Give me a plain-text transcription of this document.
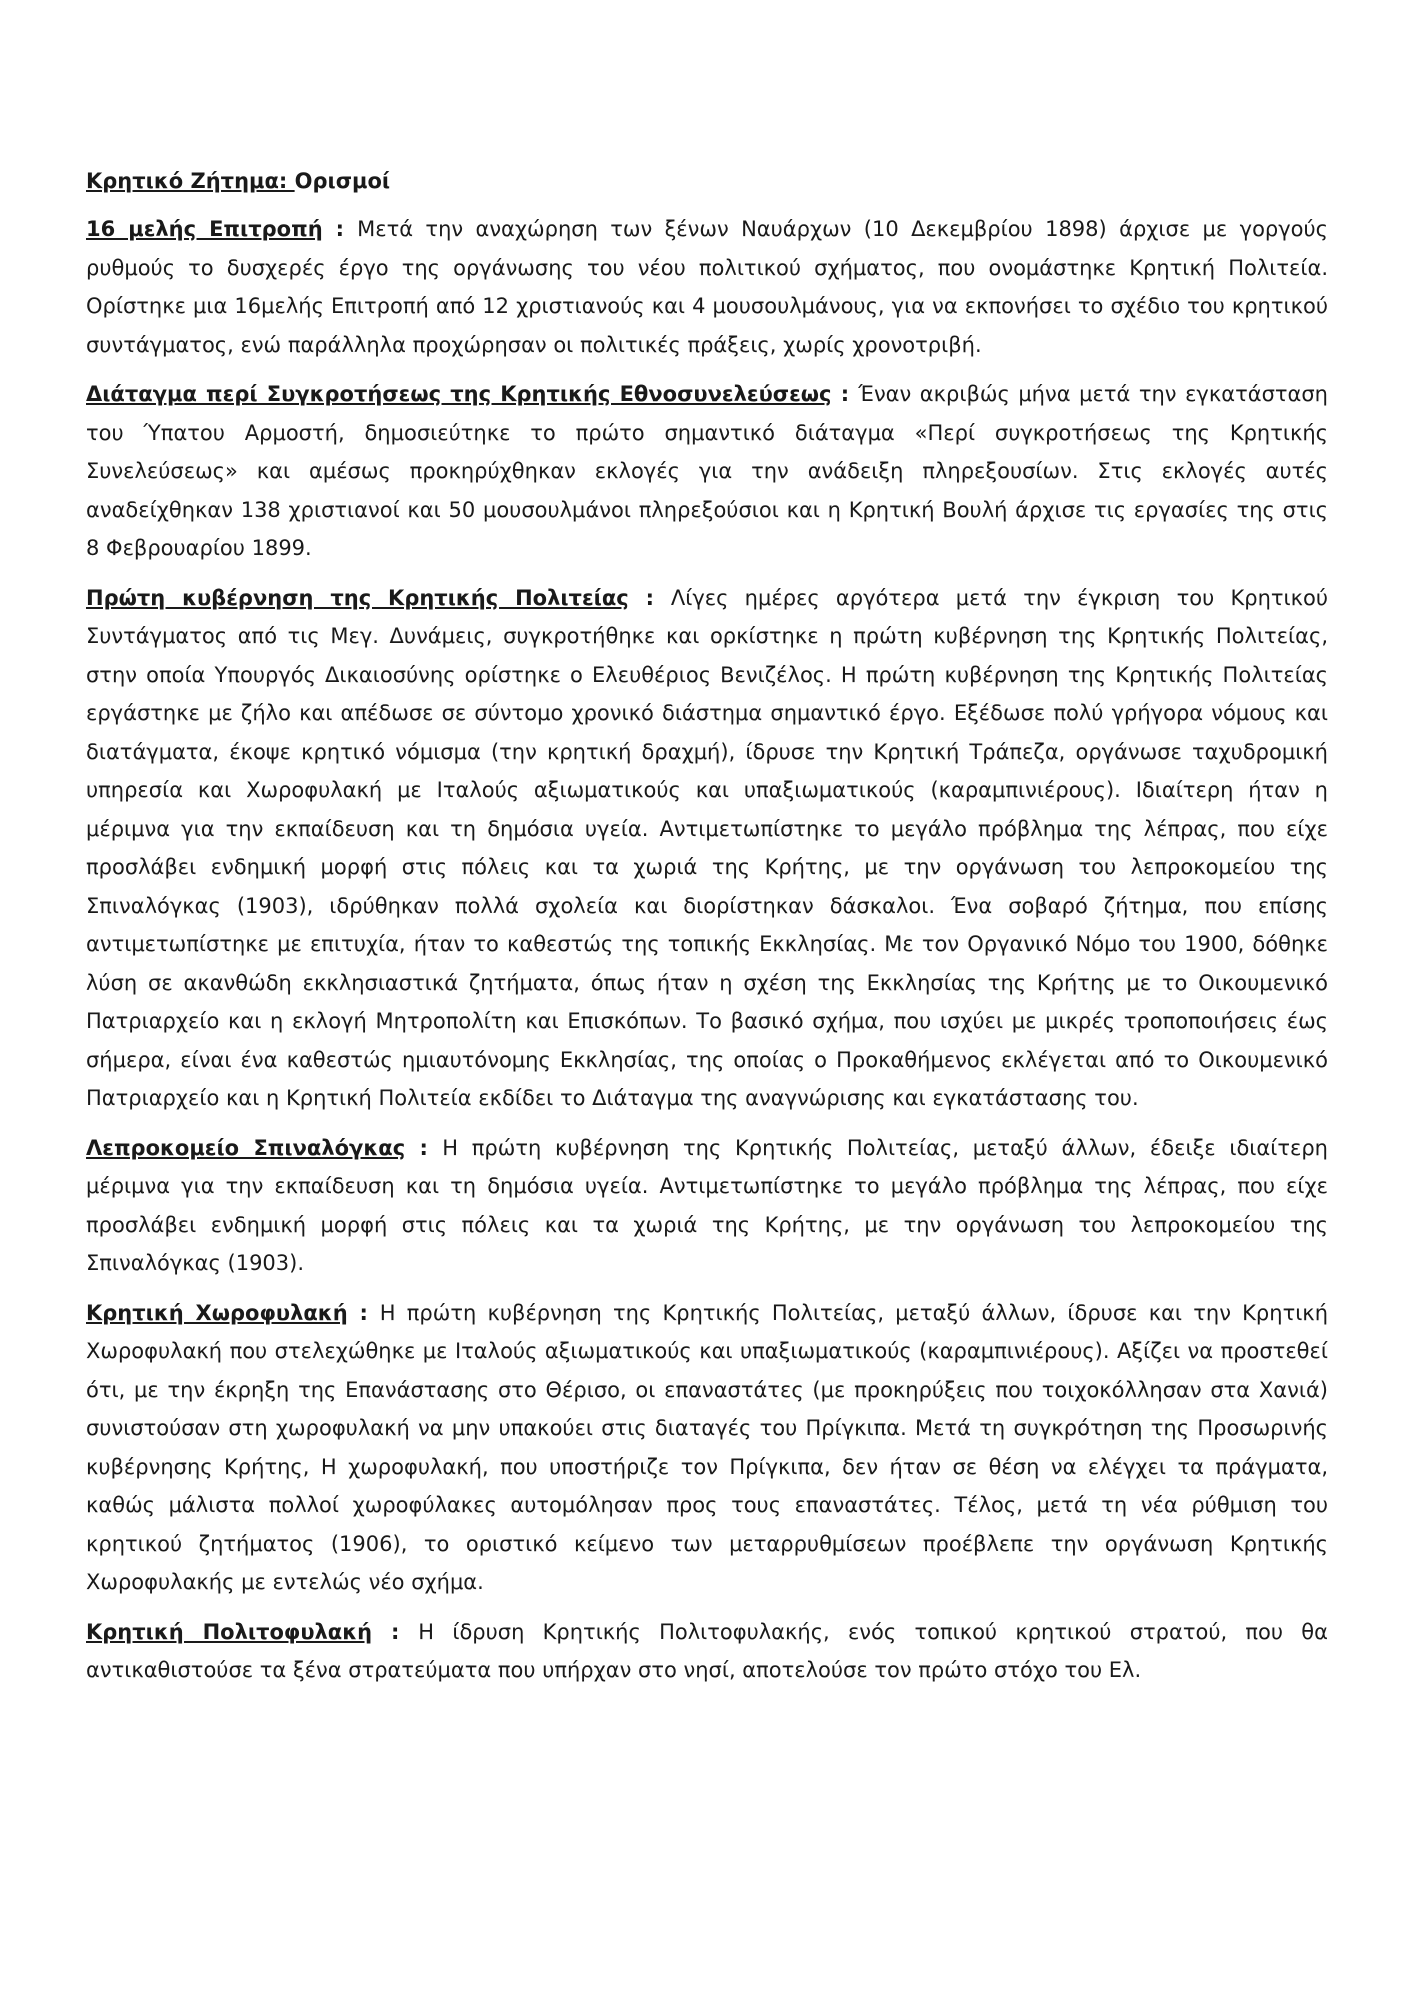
Κρητικό Ζήτημα: Ορισμοί

16 μελής Επιτροπή : Μετά την αναχώρηση των ξένων Ναυάρχων (10 Δεκεμβρίου 1898) άρχισε με γοργούς ρυθμούς το δυσχερές έργο της οργάνωσης του νέου πολιτικού σχήματος, που ονομάστηκε Κρητική Πολιτεία. Ορίστηκε μια 16μελής Επιτροπή από 12 χριστιανούς και 4 μουσουλμάνους, για να εκπονήσει το σχέδιο του κρητικού συντάγματος, ενώ παράλληλα προχώρησαν οι πολιτικές πράξεις, χωρίς χρονοτριβή.

Διάταγμα περί Συγκροτήσεως της Κρητικής Εθνοσυνελεύσεως : Έναν ακριβώς μήνα μετά την εγκατάσταση του Ύπατου Αρμοστή, δημοσιεύτηκε το πρώτο σημαντικό διάταγμα «Περί συγκροτήσεως της Κρητικής Συνελεύσεως» και αμέσως προκηρύχθηκαν εκλογές για την ανάδειξη πληρεξουσίων. Στις εκλογές αυτές αναδείχθηκαν 138 χριστιανοί και 50 μουσουλμάνοι πληρεξούσιοι και η Κρητική Βουλή άρχισε τις εργασίες της στις 8 Φεβρουαρίου 1899.

Πρώτη κυβέρνηση της Κρητικής Πολιτείας : Λίγες ημέρες αργότερα μετά την έγκριση του Κρητικού Συντάγματος από τις Μεγ. Δυνάμεις, συγκροτήθηκε και ορκίστηκε η πρώτη κυβέρνηση της Κρητικής Πολιτείας, στην οποία Υπουργός Δικαιοσύνης ορίστηκε ο Ελευθέριος Βενιζέλος. Η πρώτη κυβέρνηση της Κρητικής Πολιτείας εργάστηκε με ζήλο και απέδωσε σε σύντομο χρονικό διάστημα σημαντικό έργο. Εξέδωσε πολύ γρήγορα νόμους και διατάγματα, έκοψε κρητικό νόμισμα (την κρητική δραχμή), ίδρυσε την Κρητική Τράπεζα, οργάνωσε ταχυδρομική υπηρεσία και Χωροφυλακή με Ιταλούς αξιωματικούς και υπαξιωματικούς (καραμπινιέρους). Ιδιαίτερη ήταν η μέριμνα για την εκπαίδευση και τη δημόσια υγεία. Αντιμετωπίστηκε το μεγάλο πρόβλημα της λέπρας, που είχε προσλάβει ενδημική μορφή στις πόλεις και τα χωριά της Κρήτης, με την οργάνωση του λεπροκομείου της Σπιναλόγκας (1903), ιδρύθηκαν πολλά σχολεία και διορίστηκαν δάσκαλοι. Ένα σοβαρό ζήτημα, που επίσης αντιμετωπίστηκε με επιτυχία, ήταν το καθεστώς της τοπικής Εκκλησίας. Με τον Οργανικό Νόμο του 1900, δόθηκε λύση σε ακανθώδη εκκλησιαστικά ζητήματα, όπως ήταν η σχέση της Εκκλησίας της Κρήτης με το Οικουμενικό Πατριαρχείο και η εκλογή Μητροπολίτη και Επισκόπων. Το βασικό σχήμα, που ισχύει με μικρές τροποποιήσεις έως σήμερα, είναι ένα καθεστώς ημιαυτόνομης Εκκλησίας, της οποίας ο Προκαθήμενος εκλέγεται από το Οικουμενικό Πατριαρχείο και η Κρητική Πολιτεία εκδίδει το Διάταγμα της αναγνώρισης και εγκατάστασης του.

Λεπροκομείο Σπιναλόγκας : Η πρώτη κυβέρνηση της Κρητικής Πολιτείας, μεταξύ άλλων, έδειξε ιδιαίτερη μέριμνα για την εκπαίδευση και τη δημόσια υγεία. Αντιμετωπίστηκε το μεγάλο πρόβλημα της λέπρας, που είχε προσλάβει ενδημική μορφή στις πόλεις και τα χωριά της Κρήτης, με την οργάνωση του λεπροκομείου της Σπιναλόγκας (1903).

Κρητική Χωροφυλακή : Η πρώτη κυβέρνηση της Κρητικής Πολιτείας, μεταξύ άλλων, ίδρυσε και την Κρητική Χωροφυλακή που στελεχώθηκε με Ιταλούς αξιωματικούς και υπαξιωματικούς (καραμπινιέρους). Αξίζει να προστεθεί ότι, με την έκρηξη της Επανάστασης στο Θέρισο, οι επαναστάτες (με προκηρύξεις που τοιχοκόλλησαν στα Χανιά) συνιστούσαν στη χωροφυλακή να μην υπακούει στις διαταγές του Πρίγκιπα. Μετά τη συγκρότηση της Προσωρινής κυβέρνησης Κρήτης, Η χωροφυλακή, που υποστήριζε τον Πρίγκιπα, δεν ήταν σε θέση να ελέγχει τα πράγματα, καθώς μάλιστα πολλοί χωροφύλακες αυτομόλησαν προς τους επαναστάτες. Τέλος, μετά τη νέα ρύθμιση του κρητικού ζητήματος (1906), το οριστικό κείμενο των μεταρρυθμίσεων προέβλεπε την οργάνωση Κρητικής Χωροφυλακής με εντελώς νέο σχήμα.

Κρητική Πολιτοφυλακή : Η ίδρυση Κρητικής Πολιτοφυλακής, ενός τοπικού κρητικού στρατού, που θα αντικαθιστούσε τα ξένα στρατεύματα που υπήρχαν στο νησί, αποτελούσε τον πρώτο στόχο του Ελ.
